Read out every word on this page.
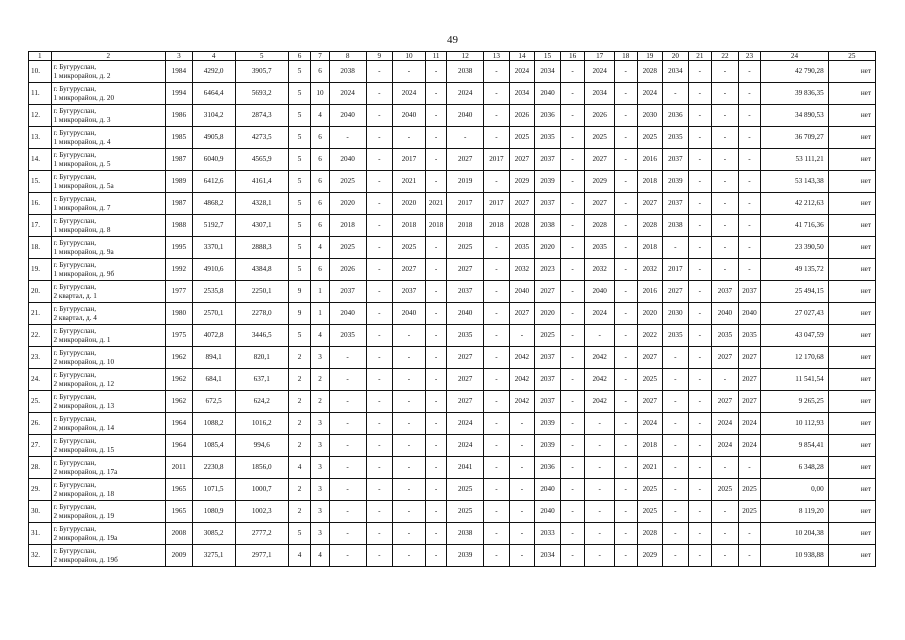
49
1	2	3	4	5	6	7	8	9	10	11	12	13	14	15	16	17	18	19	20	21	22	23	24	25
10.	г. Бугуруслан,
1 микрорайон, д. 2	1984	4292,0	3905,7	5	6	2038	-	-	-	2038	-	2024	2034	-	2024	-	2028	2034	-	-	-	42 790,28	нет
11.	г. Бугуруслан,
1 микрорайон, д. 20	1994	6464,4	5693,2	5	10	2024	-	2024	-	2024	-	2034	2040	-	2034	-	2024	-	-	-	-	39 836,35	нет
12.	г. Бугуруслан,
1 микрорайон, д. 3	1986	3104,2	2874,3	5	4	2040	-	2040	-	2040	-	2026	2036	-	2026	-	2030	2036	-	-	-	34 890,53	нет
13.	г. Бугуруслан,
1 микрорайон, д. 4	1985	4905,8	4273,5	5	6	-	-	-	-	-	-	2025	2035	-	2025	-	2025	2035	-	-	-	36 709,27	нет
14.	г. Бугуруслан,
1 микрорайон, д. 5	1987	6040,9	4565,9	5	6	2040	-	2017	-	2027	2017	2027	2037	-	2027	-	2016	2037	-	-	-	53 111,21	нет
15.	г. Бугуруслан,
1 микрорайон, д. 5а	1989	6412,6	4161,4	5	6	2025	-	2021	-	2019	-	2029	2039	-	2029	-	2018	2039	-	-	-	53 143,38	нет
16.	г. Бугуруслан,
1 микрорайон, д. 7	1987	4868,2	4328,1	5	6	2020	-	2020	2021	2017	2017	2027	2037	-	2027	-	2027	2037	-	-	-	42 212,63	нет
17.	г. Бугуруслан,
1 микрорайон, д. 8	1988	5192,7	4307,1	5	6	2018	-	2018	2018	2018	2018	2028	2038	-	2028	-	2028	2038	-	-	-	41 716,36	нет
18.	г. Бугуруслан,
1 микрорайон, д. 9а	1995	3370,1	2888,3	5	4	2025	-	2025	-	2025	-	2035	2020	-	2035	-	2018	-	-	-	-	23 390,50	нет
19.	г. Бугуруслан,
1 микрорайон, д. 9б	1992	4910,6	4384,8	5	6	2026	-	2027	-	2027	-	2032	2023	-	2032	-	2032	2017	-	-	-	49 135,72	нет
20.	г. Бугуруслан,
2 квартал, д. 1	1977	2535,8	2250,1	9	1	2037	-	2037	-	2037	-	2040	2027	-	2040	-	2016	2027	-	2037	2037	25 494,15	нет
21.	г. Бугуруслан,
2 квартал, д. 4	1980	2570,1	2278,0	9	1	2040	-	2040	-	2040	-	2027	2020	-	2024	-	2020	2030	-	2040	2040	27 027,43	нет
22.	г. Бугуруслан,
2 микрорайон, д. 1	1975	4072,8	3446,5	5	4	2035	-	-	-	2035	-	-	2025	-	-	-	2022	2035	-	2035	2035	43 047,59	нет
23.	г. Бугуруслан,
2 микрорайон, д. 10	1962	894,1	820,1	2	3	-	-	-	-	2027	-	2042	2037	-	2042	-	2027	-	-	2027	2027	12 170,68	нет
24.	г. Бугуруслан,
2 микрорайон, д. 12	1962	684,1	637,1	2	2	-	-	-	-	2027	-	2042	2037	-	2042	-	2025	-	-	-	2027	11 541,54	нет
25.	г. Бугуруслан,
2 микрорайон, д. 13	1962	672,5	624,2	2	2	-	-	-	-	2027	-	2042	2037	-	2042	-	2027	-	-	2027	2027	9 265,25	нет
26.	г. Бугуруслан,
2 микрорайон, д. 14	1964	1088,2	1016,2	2	3	-	-	-	-	2024	-	-	2039	-	-	-	2024	-	-	2024	2024	10 112,93	нет
27.	г. Бугуруслан,
2 микрорайон, д. 15	1964	1085,4	994,6	2	3	-	-	-	-	2024	-	-	2039	-	-	-	2018	-	-	2024	2024	9 854,41	нет
28.	г. Бугуруслан,
2 микрорайон, д. 17а	2011	2230,8	1856,0	4	3	-	-	-	-	2041	-	-	2036	-	-	-	2021	-	-	-	-	6 348,28	нет
29.	г. Бугуруслан,
2 микрорайон, д. 18	1965	1071,5	1000,7	2	3	-	-	-	-	2025	-	-	2040	-	-	-	2025	-	-	2025	2025	0,00	нет
30.	г. Бугуруслан,
2 микрорайон, д. 19	1965	1080,9	1002,3	2	3	-	-	-	-	2025	-	-	2040	-	-	-	2025	-	-	-	2025	8 119,20	нет
31.	г. Бугуруслан,
2 микрорайон, д. 19а	2008	3085,2	2777,2	5	3	-	-	-	-	2038	-	-	2033	-	-	-	2028	-	-	-	-	10 204,38	нет
32.	г. Бугуруслан,
2 микрорайон, д. 19б	2009	3275,1	2977,1	4	4	-	-	-	-	2039	-	-	2034	-	-	-	2029	-	-	-	-	10 938,88	нет
